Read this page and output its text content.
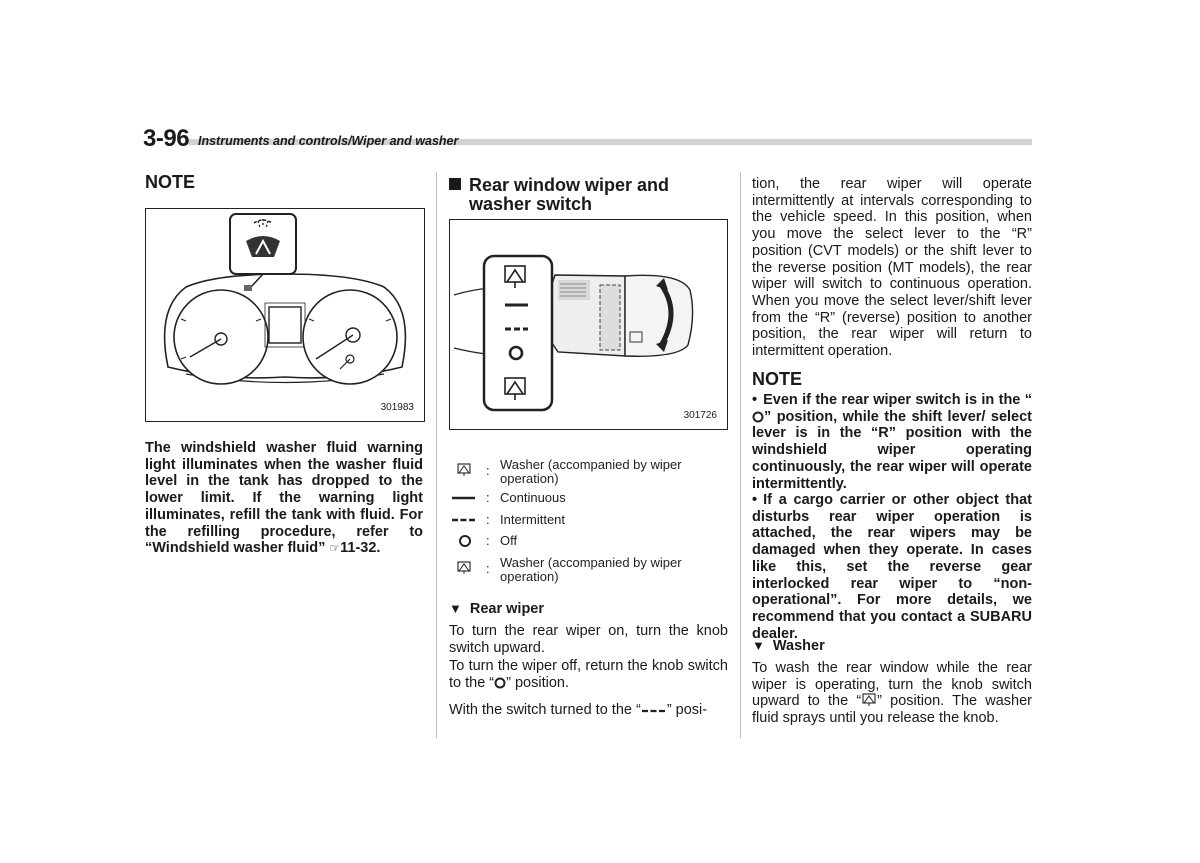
3-96 Instruments and controls/Wiper and washer
NOTE
301983

The windshield washer fluid warning light illuminates when the washer fluid level in the tank has dropped to the lower limit. If the warning light illuminates, refill the tank with fluid. For the refilling procedure, refer to “Windshield washer fluid” ☞11-32.

Rear window wiper and washer switch
301726
: Washer (accompanied by wiper operation)
: Continuous
: Intermittent
: Off
: Washer (accompanied by wiper operation)
▼ Rear wiper

To turn the rear wiper on, turn the knob switch upward.

To turn the wiper off, return the knob switch to the “ ” position.

With the switch turned to the “ ” posi-

tion, the rear wiper will operate intermittently at intervals corresponding to the vehicle speed. In this position, when you move the select lever to the “R” position (CVT models) or the shift lever to the reverse position (MT models), the rear wiper will switch to continuous operation. When you move the select lever/shift lever from the “R” (reverse) position to another position, the rear wiper will return to intermittent operation.

NOTE

• Even if the rear wiper switch is in the “” position, while the shift lever/ select lever is in the “R” position with the windshield wiper operating continuously, the rear wiper will operate intermittently.

• If a cargo carrier or other object that disturbs rear wiper operation is attached, the rear wipers may be damaged when they operate. In cases like this, set the reverse gear interlocked rear wiper to “non-operational”. For more details, we recommend that you contact a SUBARU dealer.

▼ Washer

To wash the rear window while the rear wiper is operating, turn the knob switch upward to the “ ” position. The washer fluid sprays until you release the knob.
